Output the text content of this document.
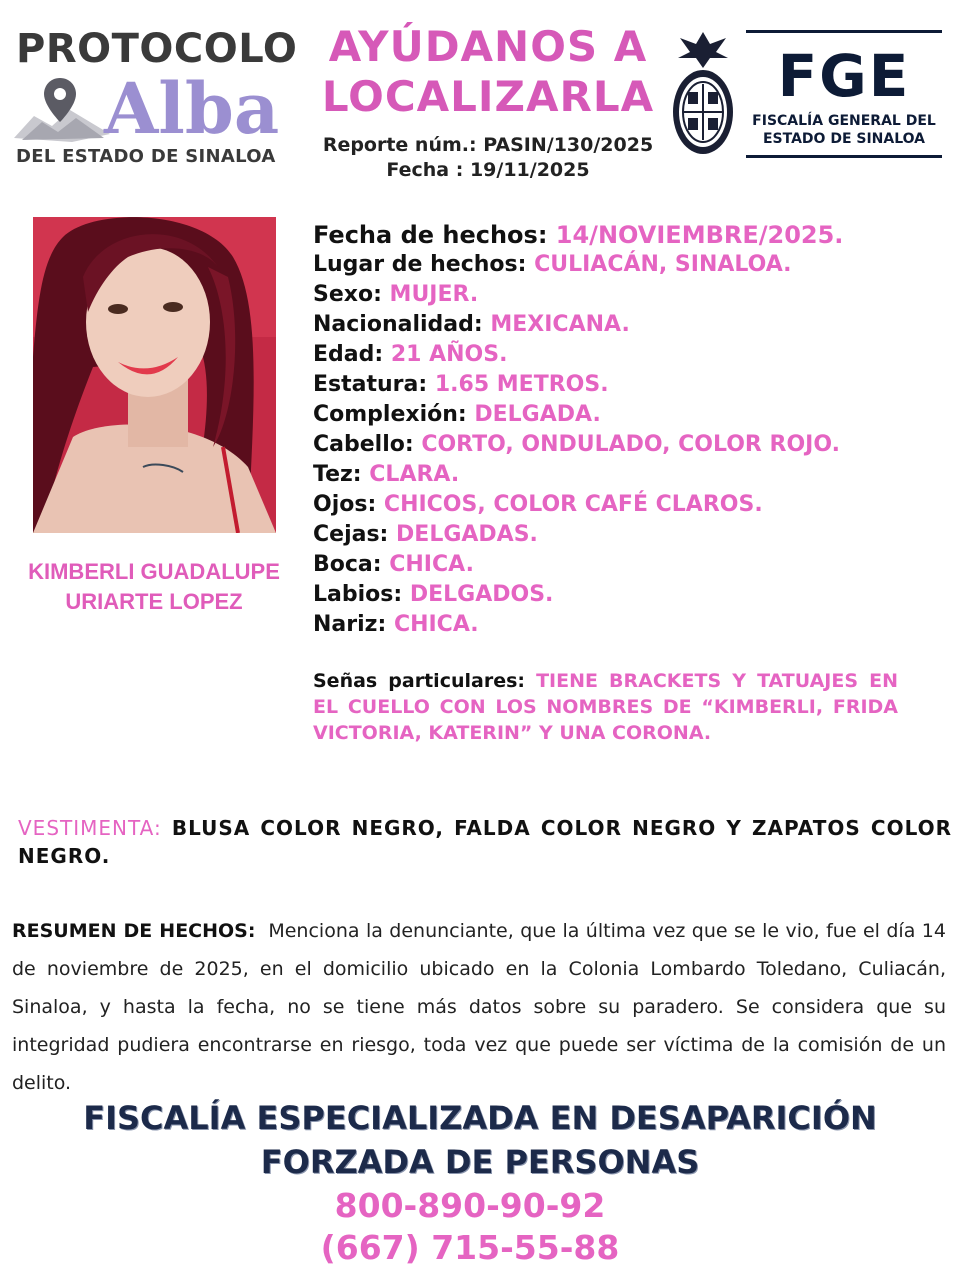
PROTOCOLO
Alba
DEL ESTADO DE SINALOA
AYÚDANOS A
LOCALIZARLA
Reporte núm.: PASIN/130/2025
Fecha : 19/11/2025
FGE
FISCALÍA GENERAL DEL
ESTADO DE SINALOA
KIMBERLI GUADALUPE
URIARTE LOPEZ
Fecha de hechos: 14/NOVIEMBRE/2025.
Lugar de hechos: CULIACÁN, SINALOA.
Sexo: MUJER.
Nacionalidad: MEXICANA.
Edad: 21 AÑOS.
Estatura: 1.65 METROS.
Complexión: DELGADA.
Cabello: CORTO, ONDULADO, COLOR ROJO.
Tez: CLARA.
Ojos: CHICOS, COLOR CAFÉ CLAROS.
Cejas: DELGADAS.
Boca: CHICA.
Labios: DELGADOS.
Nariz: CHICA.
Señas particulares: TIENE BRACKETS Y TATUAJES EN EL CUELLO CON LOS NOMBRES DE “KIMBERLI, FRIDA VICTORIA, KATERIN” Y UNA CORONA.
VESTIMENTA: BLUSA COLOR NEGRO, FALDA COLOR NEGRO Y ZAPATOS COLOR NEGRO.
RESUMEN DE HECHOS: Menciona la denunciante, que la última vez que se le vio, fue el día 14 de noviembre de 2025, en el domicilio ubicado en la Colonia Lombardo Toledano, Culiacán, Sinaloa, y hasta la fecha, no se tiene más datos sobre su paradero. Se considera que su integridad pudiera encontrarse en riesgo, toda vez que puede ser víctima de la comisión de un delito.
FISCALÍA ESPECIALIZADA EN DESAPARICIÓN
FORZADA DE PERSONAS
800-890-90-92
(667) 715-55-88
